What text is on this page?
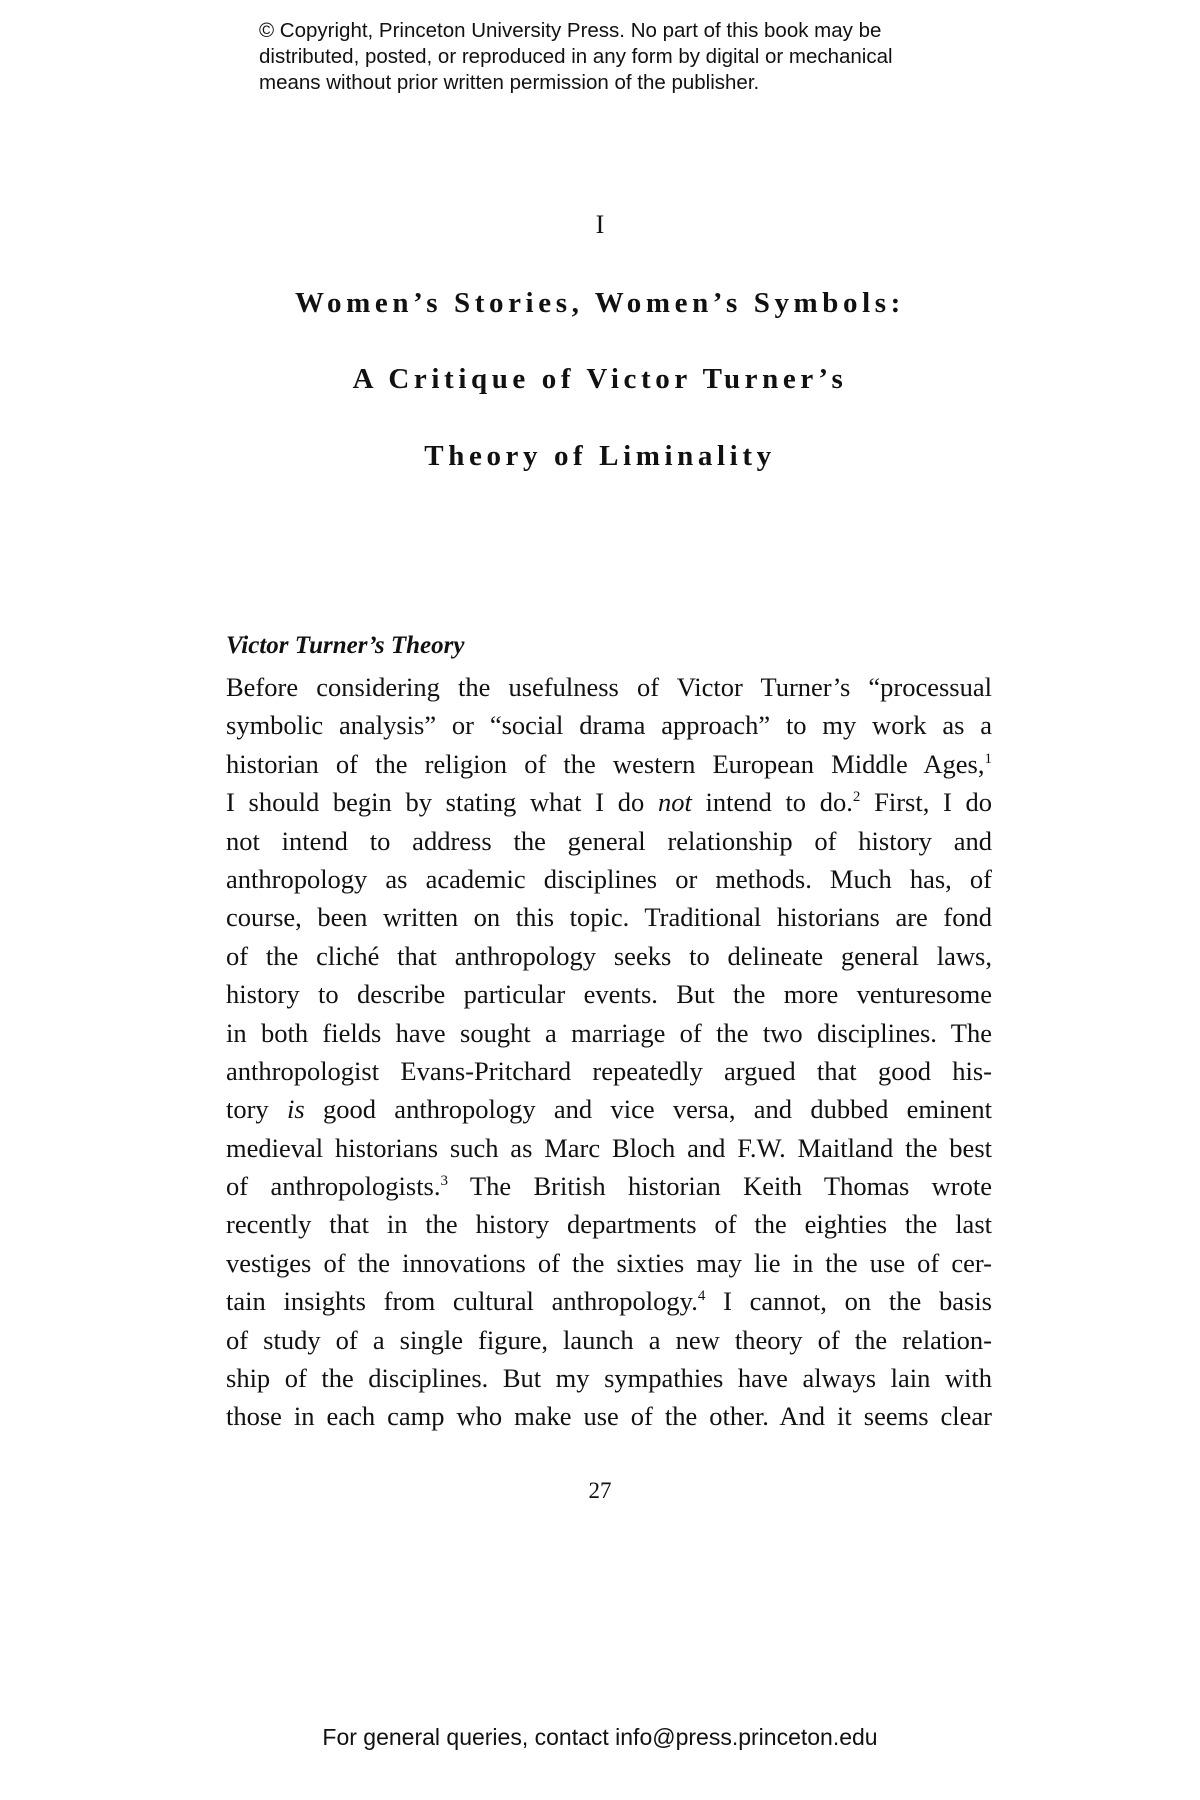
© Copyright, Princeton University Press. No part of this book may be
distributed, posted, or reproduced in any form by digital or mechanical
means without prior written permission of the publisher.
I
Women’s Stories, Women’s Symbols:
A Critique of Victor Turner’s
Theory of Liminality
Victor Turner’s Theory
Before considering the usefulness of Victor Turner’s “processual
symbolic analysis” or “social drama approach” to my work as a
historian of the religion of the western European Middle Ages,$^1$
I should begin by stating what I do not intend to do.$^2$ First, I do
not intend to address the general relationship of history and
anthropology as academic disciplines or methods. Much has, of
course, been written on this topic. Traditional historians are fond
of the cliché that anthropology seeks to delineate general laws,
history to describe particular events. But the more venturesome
in both fields have sought a marriage of the two disciplines. The
anthropologist Evans-Pritchard repeatedly argued that good his-
tory is good anthropology and vice versa, and dubbed eminent
medieval historians such as Marc Bloch and F.W. Maitland the best
of anthropologists.$^3$ The British historian Keith Thomas wrote
recently that in the history departments of the eighties the last
vestiges of the innovations of the sixties may lie in the use of cer-
tain insights from cultural anthropology.$^4$ I cannot, on the basis
of study of a single figure, launch a new theory of the relation-
ship of the disciplines. But my sympathies have always lain with
those in each camp who make use of the other. And it seems clear
27
For general queries, contact info@press.princeton.edu
